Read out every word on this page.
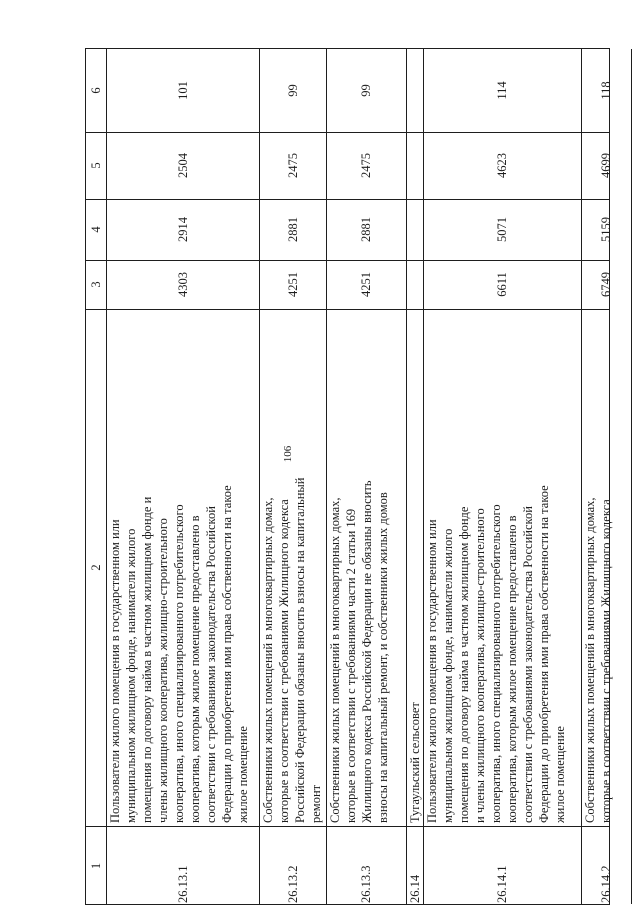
106
1
2
3
4
5
6
26.13.1
Пользователи жилого помещения в государственном или муниципальном жилищном фонде, наниматели жилого помещения по договору найма в частном жилищном фонде и члены жилищного кооператива, жилищно-строительного кооператива, иного специализированного потребительского кооператива, которым жилое помещение предоставлено в соответствии с требованиями законодательства Российской Федерации до приобретения ими права собственности на такое жилое помещение
4303
2914
2504
101
26.13.2
Собственники жилых помещений в многоквартирных домах, которые в соответствии с требованиями Жилищного кодекса Российской Федерации обязаны вносить взносы на капитальный ремонт
4251
2881
2475
99
26.13.3
Собственники жилых помещений в многоквартирных домах, которые в соответствии с требованиями части 2 статьи 169 Жилищного кодекса Российской Федерации не обязаны вносить взносы на капитальный ремонт, и собственники жилых домов
4251
2881
2475
99
26.14
Тугаульский сельсовет
26.14.1
Пользователи жилого помещения в государственном или муниципальном жилищном фонде, наниматели жилого помещения по договору найма в частном жилищном фонде и члены жилищного кооператива, жилищно-строительного кооператива, иного специализированного потребительского кооператива, которым жилое помещение предоставлено в соответствии с требованиями законодательства Российской Федерации до приобретения ими права собственности на такое жилое помещение
6611
5071
4623
114
26.14.2
Собственники жилых помещений в многоквартирных домах, которые в соответствии с требованиями Жилищного кодекса
6749
5159
4699
118
